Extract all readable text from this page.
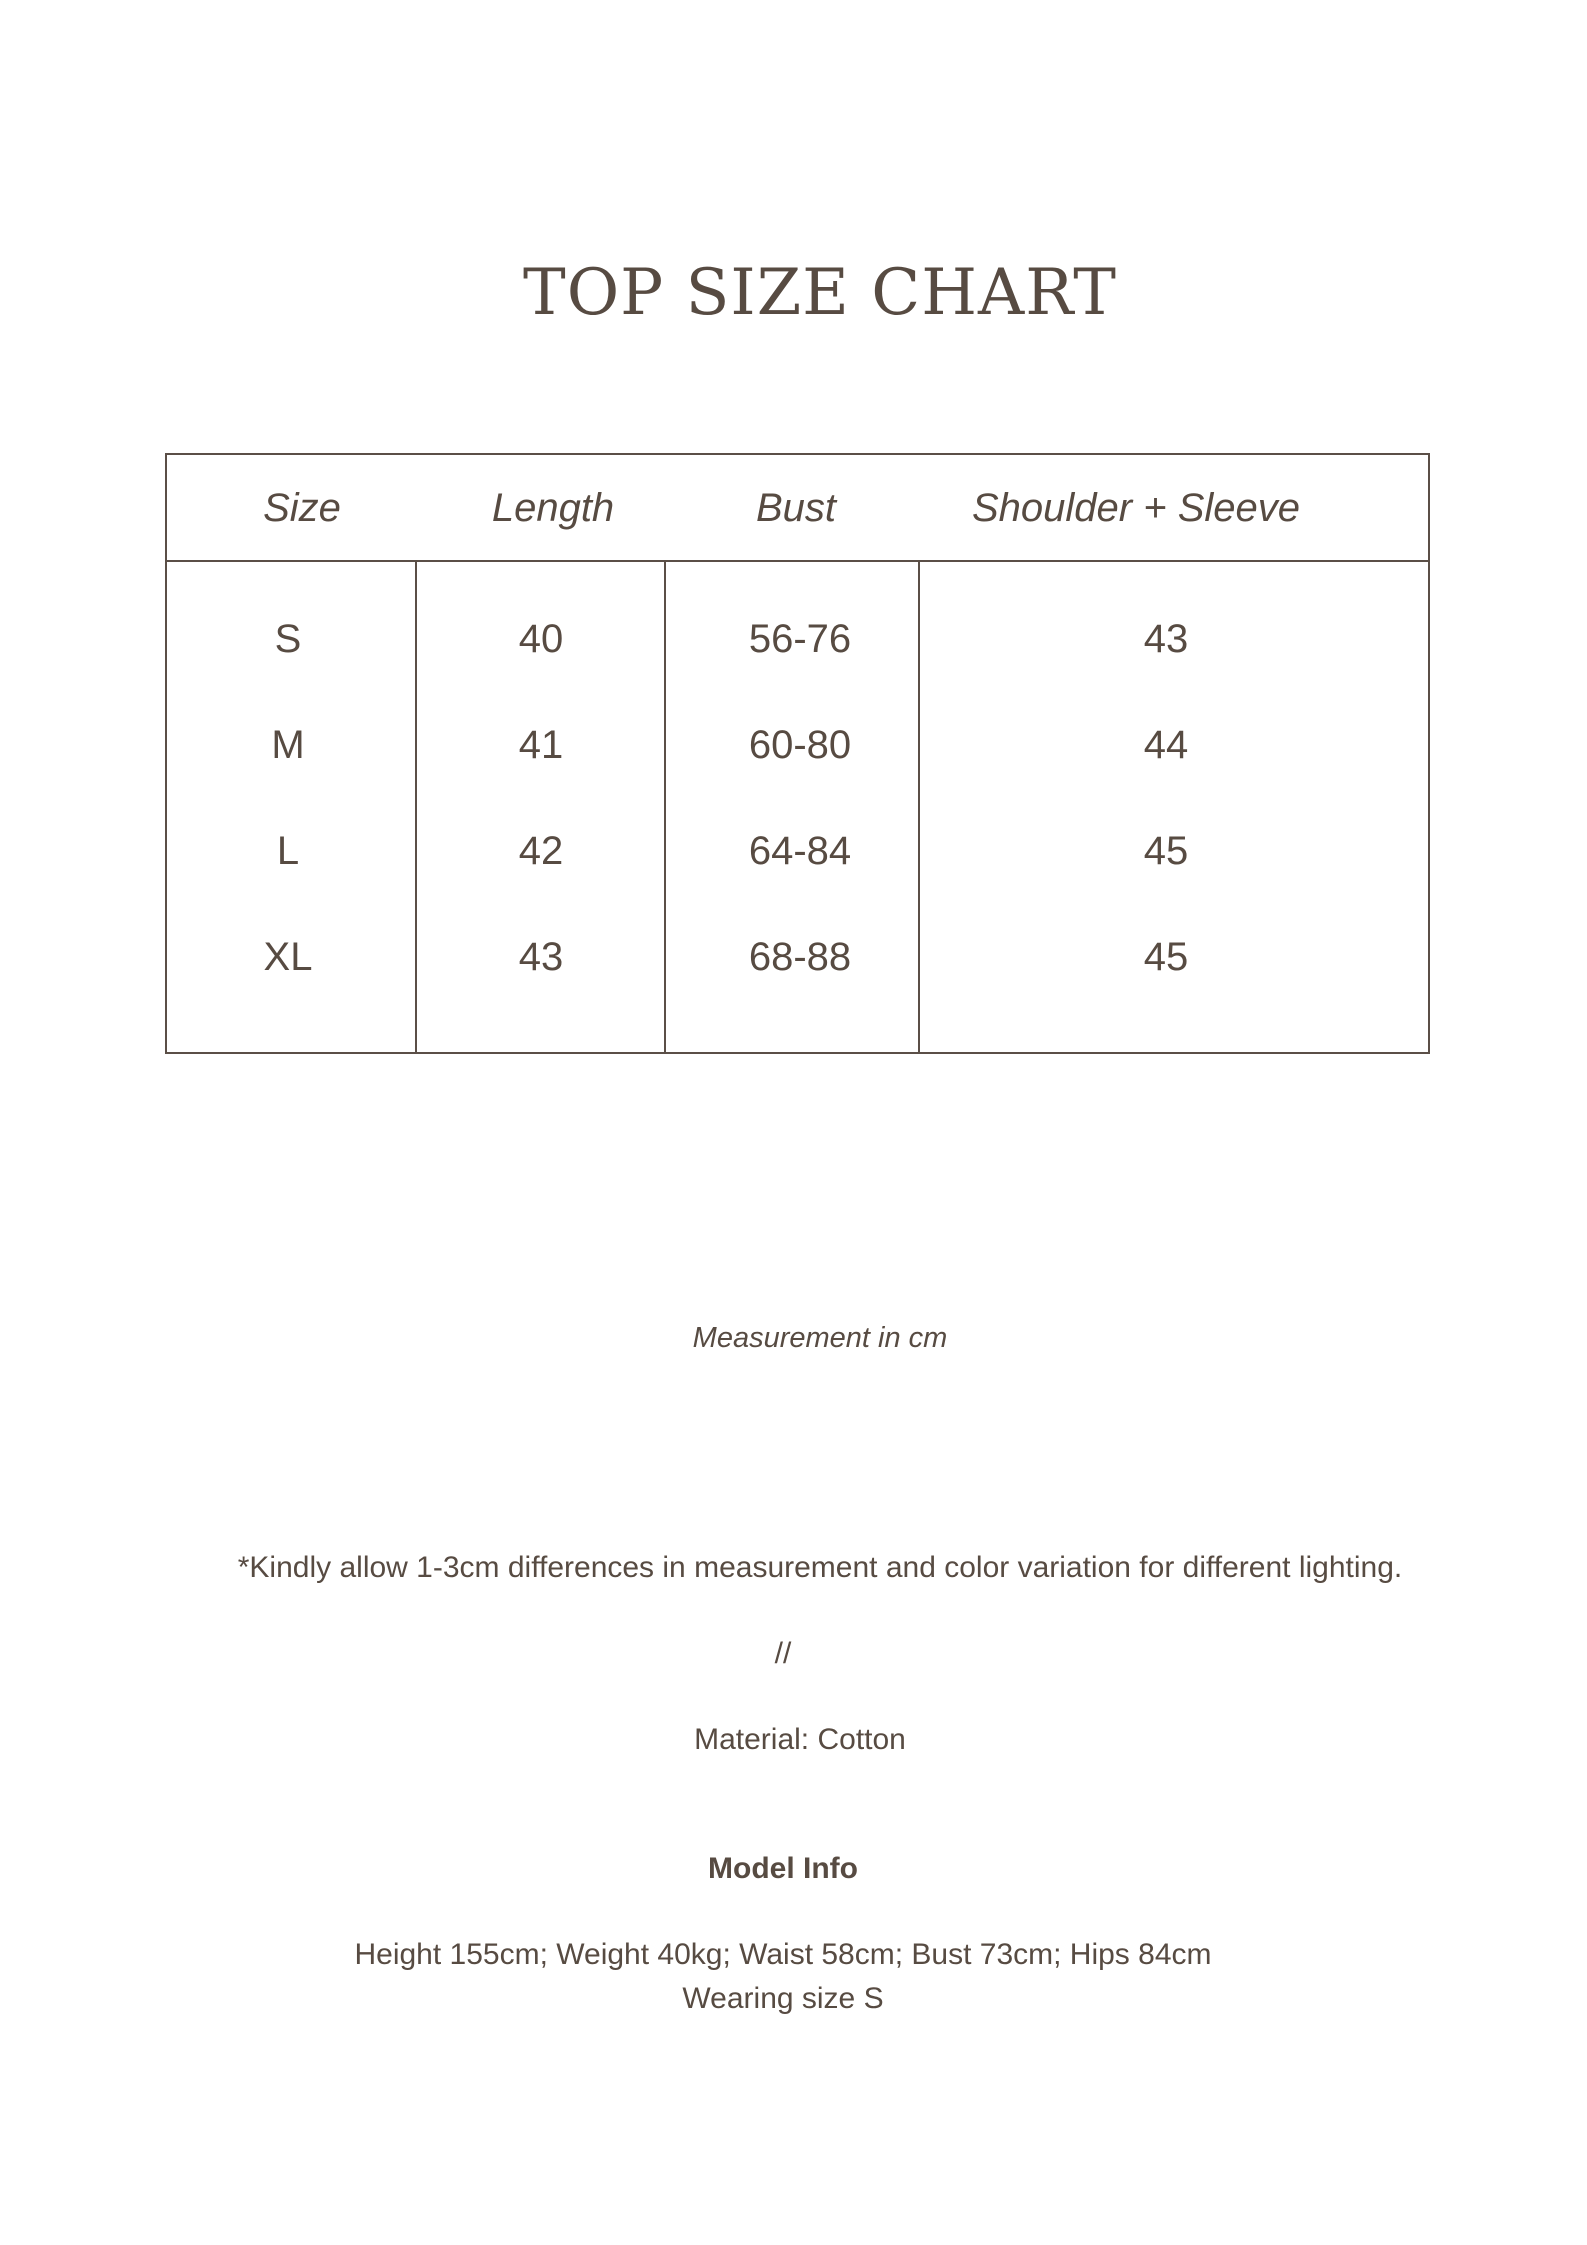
TOP SIZE CHART
Size	Length	Bust	Shoulder + Sleeve
S	40	56-76	43
M	41	60-80	44
L	42	64-84	45
XL	43	68-88	45
Measurement in cm
*Kindly allow 1-3cm differences in measurement and color variation for different lighting.
//
Material: Cotton
Model Info
Height 155cm; Weight 40kg; Waist 58cm; Bust 73cm; Hips 84cm
Wearing size S
